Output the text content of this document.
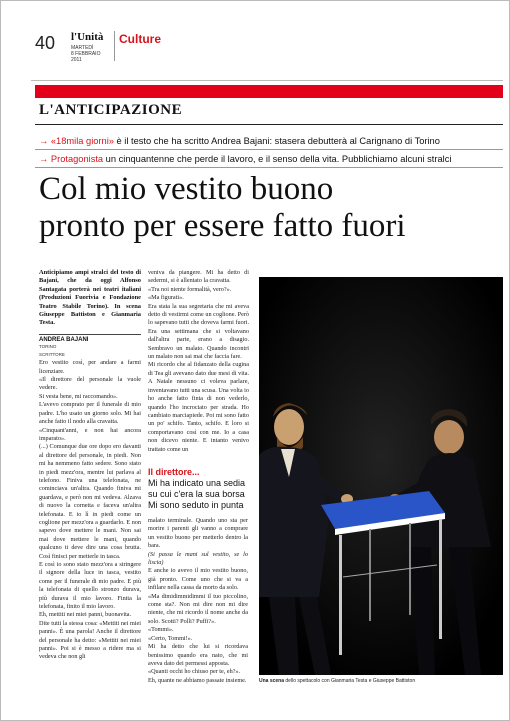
40 l'Unità
MARTEDÌ
8 FEBBRAIO
2011
Culture
L'ANTICIPAZIONE
→ «18mila giorni» è il testo che ha scritto Andrea Bajani: stasera debutterà al Carignano di Torino
→ Protagonista un cinquantenne che perde il lavoro, e il senso della vita. Pubblichiamo alcuni stralci
Col mio vestito buono
pronto per essere fatto fuori

Anticipiamo ampi stralci del testo di Bajani, che da oggi Alfonso Santagata porterà nei teatri italiani (Produzioni Fuorivia e Fondazione Teatro Stabile Torino). In scena Giuseppe Battiston e Gianmaria Testa.

ANDREA BAJANI
TORINO
SCRITTORE

Ero vestito così, per andare a farmi licenziare.

«Il direttore del personale la vuole vedere.

Si vesta bene, mi raccomando».

L'avevo comprato per il funerale di mio padre. L'ho usato un giorno solo. Mi hai anche fatto il nodo alla cravatta.

«Cinquant'anni, e non hai ancora imparato».

(...) Comunque due ore dopo ero davanti al direttore del personale, in piedi. Non mi ha nemmeno fatto sedere. Sono stato in piedi mezz'ora, mentre lui parlava al telefono. Finiva una telefonata, ne cominciava un'altra. Quando finiva mi guardava, e però non mi vedeva. Alzava di nuovo la cornetta e faceva un'altra telefonata. E io lì in piedi come un coglione per mezz'ora a guardarlo. E non sapevo dove mettere le mani. Non sai mai dove mettere le mani, quando qualcuno ti deve dire una cosa brutta. Così finisci per metterle in tasca.

E così io sono stato mezz'ora a stringere il signore della luce in tasca, vestito come per il funerale di mio padre. E più la telefonata di quello stronzo durava, più durava il mio lavoro. Finita la telefonata, finito il mio lavoro.

Eh, mettiti nei miei panni, buonavita.

Dite tutti la stessa cosa: «Mettiti nei miei panni». È una parola! Anche il direttore del personale ha detto: «Mettiti nei miei panni». Poi si è messo a ridere ma si vedeva che non gli

veniva da piangere. Mi ha detto di sedermi, si è allentato la cravatta.

«Tra noi niente formalità, vero?».

«Ma figurati».

Era stata la sua segretaria che mi aveva detto di vestirmi come un coglione. Però lo sapevano tutti che doveva farmi fuori. Era una settimana che si voltavano dall'altra parte, erano a disagio. Sembravo un malato. Quando incontri un malato non sai mai che faccia fare.

Mi ricordo che al fidanzato della cugina di Tea gli avevano dato due mesi di vita. A Natale nessuno ci voleva parlare, inventavano tutti una scusa. Una volta io ho anche fatto finta di non vederlo, quando l'ho incrociato per strada. Ho cambiato marciapiede. Poi mi sono fatto un po' schifo. Tanto, schifo. E loro si comportavano così con me. Io a casa non dicevo niente. E intanto venivo trattato come un

Il direttore...
Mi ha indicato una sedia su cui c'era la sua borsa Mi sono seduto in punta

malato terminale. Quando uno sta per morire i parenti gli vanno a comprare un vestito buono per metterlo dentro la bara.

(Si passa le mani sul vestito, se lo liscia)

E anche io avevo il mio vestito buono, già pronto. Come uno che si va a infilare nella cassa da morto da solo.

«Ma dimidimmidimmi il tuo piccolino, come sta?. Non mi dire non mi dire niente, che mi ricordo il nome anche da solo. Scotti? Polli? Puffi?».

«Tommi».

«Certo, Tommi!».

Mi ha detto che lui si ricordava benissimo quando era nato, che mi aveva dato dei permessi apposta.

«Quanti occhi ho chiuso per te, eh?».

Eh, quante ne abbiamo passate insieme.	Una scena dello spettacolo con Gianmaria Testa e Giuseppe Battiston
